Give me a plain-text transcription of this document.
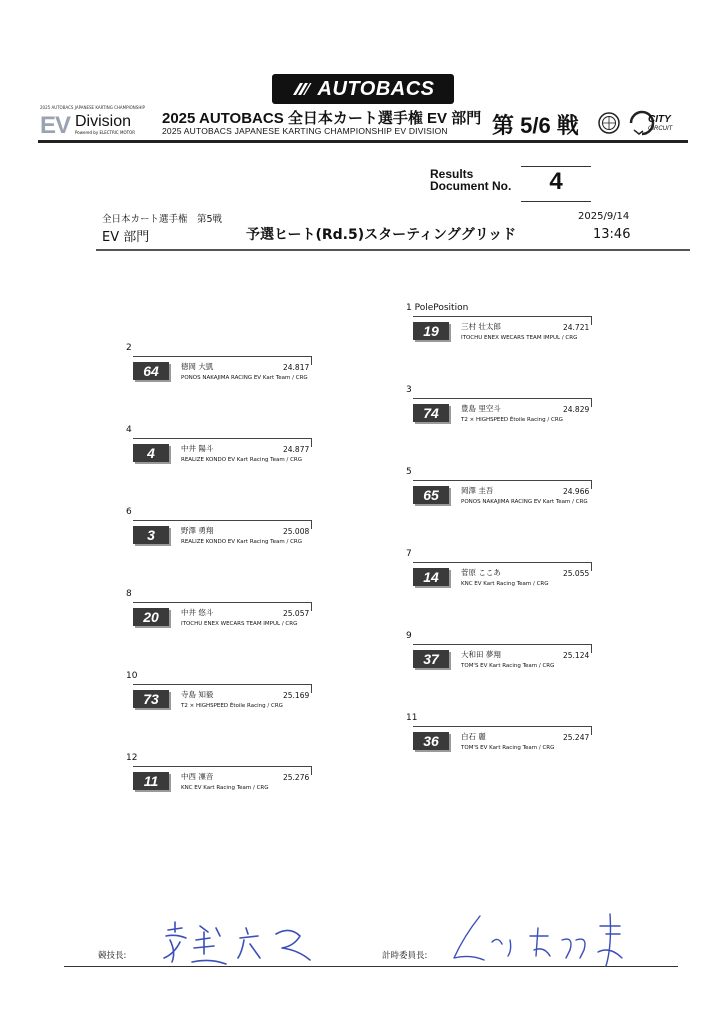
AUTOBACS
2025 AUTOBACS JAPANESE KARTING CHAMPIONSHIP
EV Division
Powered by ELECTRIC MOTOR
2025 AUTOBACS 全日本カート選手権 EV 部門
2025 AUTOBACS JAPANESE KARTING CHAMPIONSHIP EV DIVISION 第 5/6 戦	CITY
CIRCUIT
Results
Document No.	4
全日本カート選手権　第5戦
EV 部門	予選ヒート(Rd.5)スターティンググリッド
2025/9/14
13:46
1 PolePosition
19	三村 壮太郎	24.721
ITOCHU ENEX WECARS TEAM IMPUL / CRG
2
64	徳岡 大凱	24.817
PONOS NAKAJIMA RACING EV Kart Team / CRG
3
74	豊島 里空斗	24.829
T2 × HIGHSPEED Étoile Racing / CRG
4
4	中井 陽斗	24.877
REALIZE KONDO EV Kart Racing Team / CRG
5
65	岡澤 圭吾	24.966
PONOS NAKAJIMA RACING EV Kart Team / CRG
6
3	野澤 勇翔	25.008
REALIZE KONDO EV Kart Racing Team / CRG
7
14	菅原 ここあ	25.055
KNC EV Kart Racing Team / CRG
8
20	中井 悠斗	25.057
ITOCHU ENEX WECARS TEAM IMPUL / CRG
9
37	大和田 夢翔	25.124
TOM'S EV Kart Racing Team / CRG
10
73	寺島 知毅	25.169
T2 × HIGHSPEED Étoile Racing / CRG
11
36	白石 麗	25.247
TOM'S EV Kart Racing Team / CRG
12
11	中西 凜音	25.276
KNC EV Kart Racing Team / CRG
競技長:	計時委員長:
